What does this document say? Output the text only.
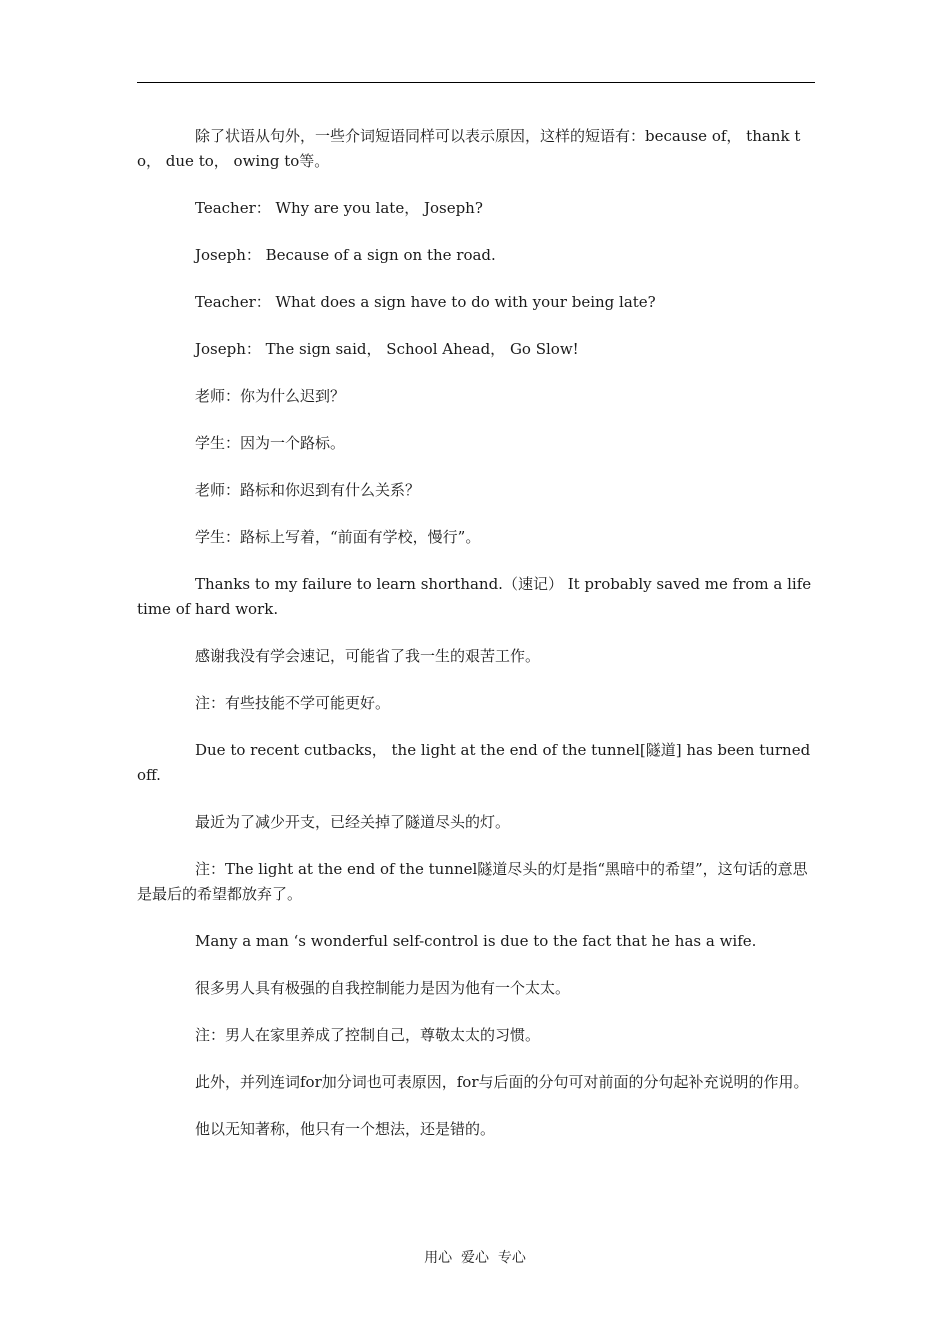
除了状语从句外，一些介词短语同样可以表示原因，这样的短语有：because of， thank to， due to， owing to等。

Teacher： Why are you late， Joseph?

Joseph： Because of a sign on the road.

Teacher： What does a sign have to do with your being late?

Joseph： The sign said， School Ahead， Go Slow!

老师：你为什么迟到？

学生：因为一个路标。

老师：路标和你迟到有什么关系？

学生：路标上写着，“前面有学校，慢行”。

Thanks to my failure to learn shorthand.（速记） It probably saved me from a lifetime of hard work.

感谢我没有学会速记，可能省了我一生的艰苦工作。

注：有些技能不学可能更好。

Due to recent cutbacks， the light at the end of the tunnel[隧道] has been turned off.

最近为了减少开支，已经关掉了隧道尽头的灯。

注：The light at the end of the tunnel隧道尽头的灯是指“黑暗中的希望”，这句话的意思是最后的希望都放弃了。

Many a man ‘s wonderful self-control is due to the fact that he has a wife.

很多男人具有极强的自我控制能力是因为他有一个太太。

注：男人在家里养成了控制自己，尊敬太太的习惯。

此外，并列连词for加分词也可表原因，for与后面的分句可对前面的分句起补充说明的作用。

他以无知著称，他只有一个想法，还是错的。

用心  爱心  专心
